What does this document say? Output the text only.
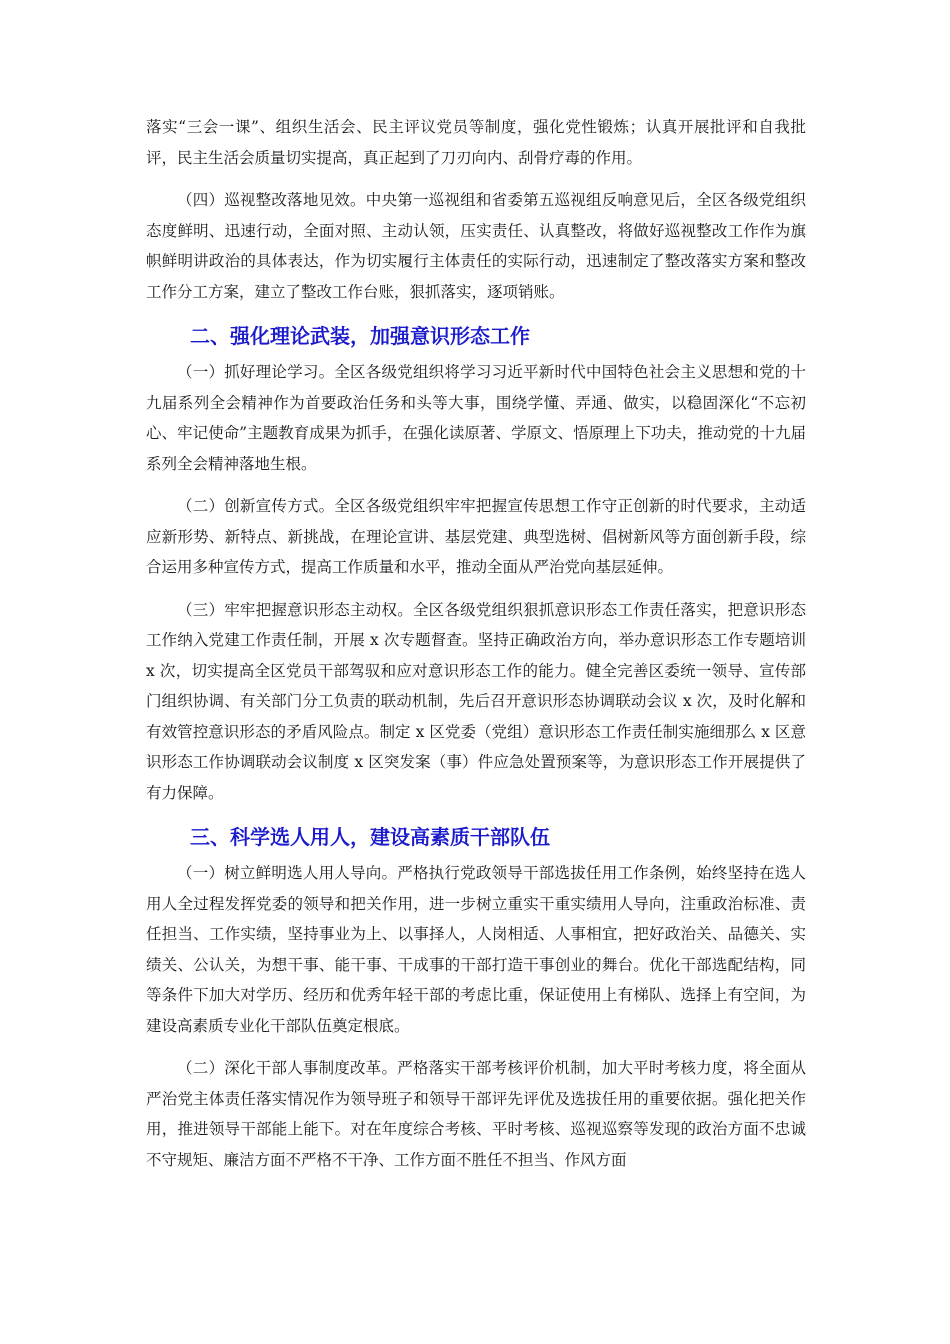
落实“三会一课”、组织生活会、民主评议党员等制度，强化党性锻炼；认真开展批评和自我批评，民主生活会质量切实提高，真正起到了刀刃向内、刮骨疗毒的作用。

（四）巡视整改落地见效。中央第一巡视组和省委第五巡视组反响意见后，全区各级党组织态度鲜明、迅速行动，全面对照、主动认领，压实责任、认真整改，将做好巡视整改工作作为旗帜鲜明讲政治的具体表达，作为切实履行主体责任的实际行动，迅速制定了整改落实方案和整改工作分工方案，建立了整改工作台账，狠抓落实，逐项销账。

二、强化理论武装，加强意识形态工作

（一）抓好理论学习。全区各级党组织将学习习近平新时代中国特色社会主义思想和党的十九届系列全会精神作为首要政治任务和头等大事，围绕学懂、弄通、做实，以稳固深化“不忘初心、牢记使命”主题教育成果为抓手，在强化读原著、学原文、悟原理上下功夫，推动党的十九届系列全会精神落地生根。

（二）创新宣传方式。全区各级党组织牢牢把握宣传思想工作守正创新的时代要求，主动适应新形势、新特点、新挑战，在理论宣讲、基层党建、典型选树、倡树新风等方面创新手段，综合运用多种宣传方式，提高工作质量和水平，推动全面从严治党向基层延伸。

（三）牢牢把握意识形态主动权。全区各级党组织狠抓意识形态工作责任落实，把意识形态工作纳入党建工作责任制，开展 x 次专题督查。坚持正确政治方向，举办意识形态工作专题培训 x 次，切实提高全区党员干部驾驭和应对意识形态工作的能力。健全完善区委统一领导、宣传部门组织协调、有关部门分工负责的联动机制，先后召开意识形态协调联动会议 x 次，及时化解和有效管控意识形态的矛盾风险点。制定 x 区党委（党组）意识形态工作责任制实施细那么 x 区意识形态工作协调联动会议制度 x 区突发案（事）件应急处置预案等，为意识形态工作开展提供了有力保障。

三、科学选人用人，建设高素质干部队伍

（一）树立鲜明选人用人导向。严格执行党政领导干部选拔任用工作条例，始终坚持在选人用人全过程发挥党委的领导和把关作用，进一步树立重实干重实绩用人导向，注重政治标准、责任担当、工作实绩，坚持事业为上、以事择人，人岗相适、人事相宜，把好政治关、品德关、实绩关、公认关，为想干事、能干事、干成事的干部打造干事创业的舞台。优化干部选配结构，同等条件下加大对学历、经历和优秀年轻干部的考虑比重，保证使用上有梯队、选择上有空间，为建设高素质专业化干部队伍奠定根底。

（二）深化干部人事制度改革。严格落实干部考核评价机制，加大平时考核力度，将全面从严治党主体责任落实情况作为领导班子和领导干部评先评优及选拔任用的重要依据。强化把关作用，推进领导干部能上能下。对在年度综合考核、平时考核、巡视巡察等发现的政治方面不忠诚不守规矩、廉洁方面不严格不干净、工作方面不胜任不担当、作风方面
